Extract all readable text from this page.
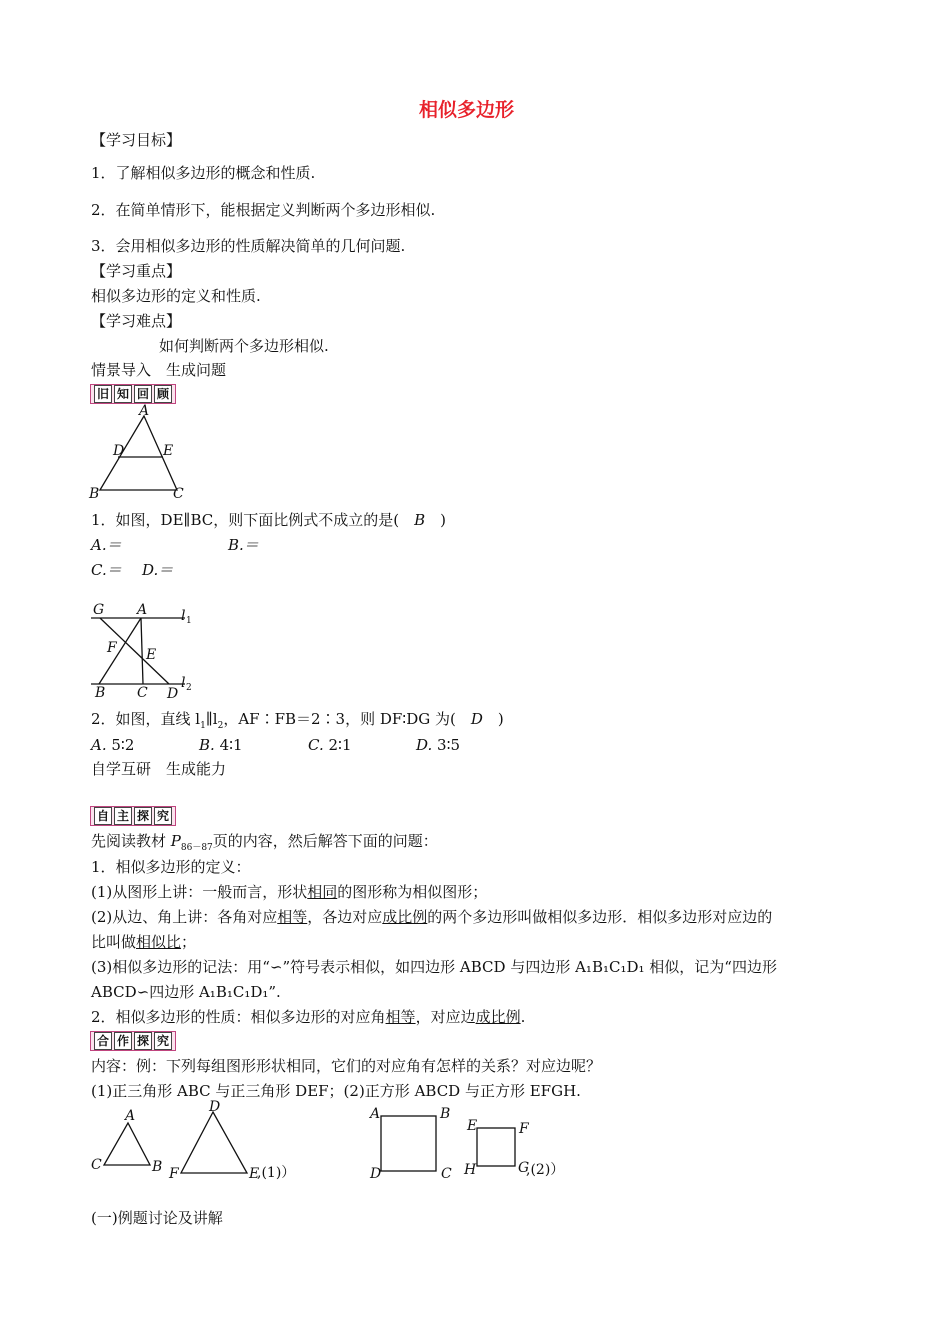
相似多边形
【学习目标】
1．了解相似多边形的概念和性质.
2．在简单情形下，能根据定义判断两个多边形相似.
3．会用相似多边形的性质解决简单的几何问题.
【学习重点】
相似多边形的定义和性质.
【学习难点】
如何判断两个多边形相似.
情景导入　生成问题
旧 知 回 顾
A
D	E
B	C
1．如图，DE∥BC，则下面比例式不成立的是(　B　)
A.＝	B.＝
C.＝ D.＝
G A l 1
F E
B C D
l 2
2．如图，直线 $l_1\parallel l_2$，AF∶FB＝2∶3，则 DF∶DG 为(　D　)
A. 5∶2	B. 4∶1	C. 2∶1	D. 3∶5
自学互研　生成能力
自 主 探 究
先阅读教材 $P_{86-87}$页的内容，然后解答下面的问题：
1．相似多边形的定义：
(1)从图形上讲：一般而言，形状相同的图形称为相似图形；
(2)从边、角上讲：各角对应相等，各边对应成比例的两个多边形叫做相似多边形．相似多边形对应边的
比叫做相似比；
(3)相似多边形的记法：用“∽”符号表示相似，如四边形 ABCD 与四边形 A₁B₁C₁D₁ 相似，记为“四边形
ABCD∽四边形 A₁B₁C₁D₁”.
2．相似多边形的性质：相似多边形的对应角相等，对应边成比例.
合 作 探 究
内容：例：下列每组图形形状相同，它们的对应角有怎样的关系？对应边呢？
(1)正三角形 ABC 与正三角形 DEF；(2)正方形 ABCD 与正方形 EFGH.
A
C	B
D
F	E
,(1)）
A	B
D	C
E	F
H	G
,(2)）
(一)例题讨论及讲解
